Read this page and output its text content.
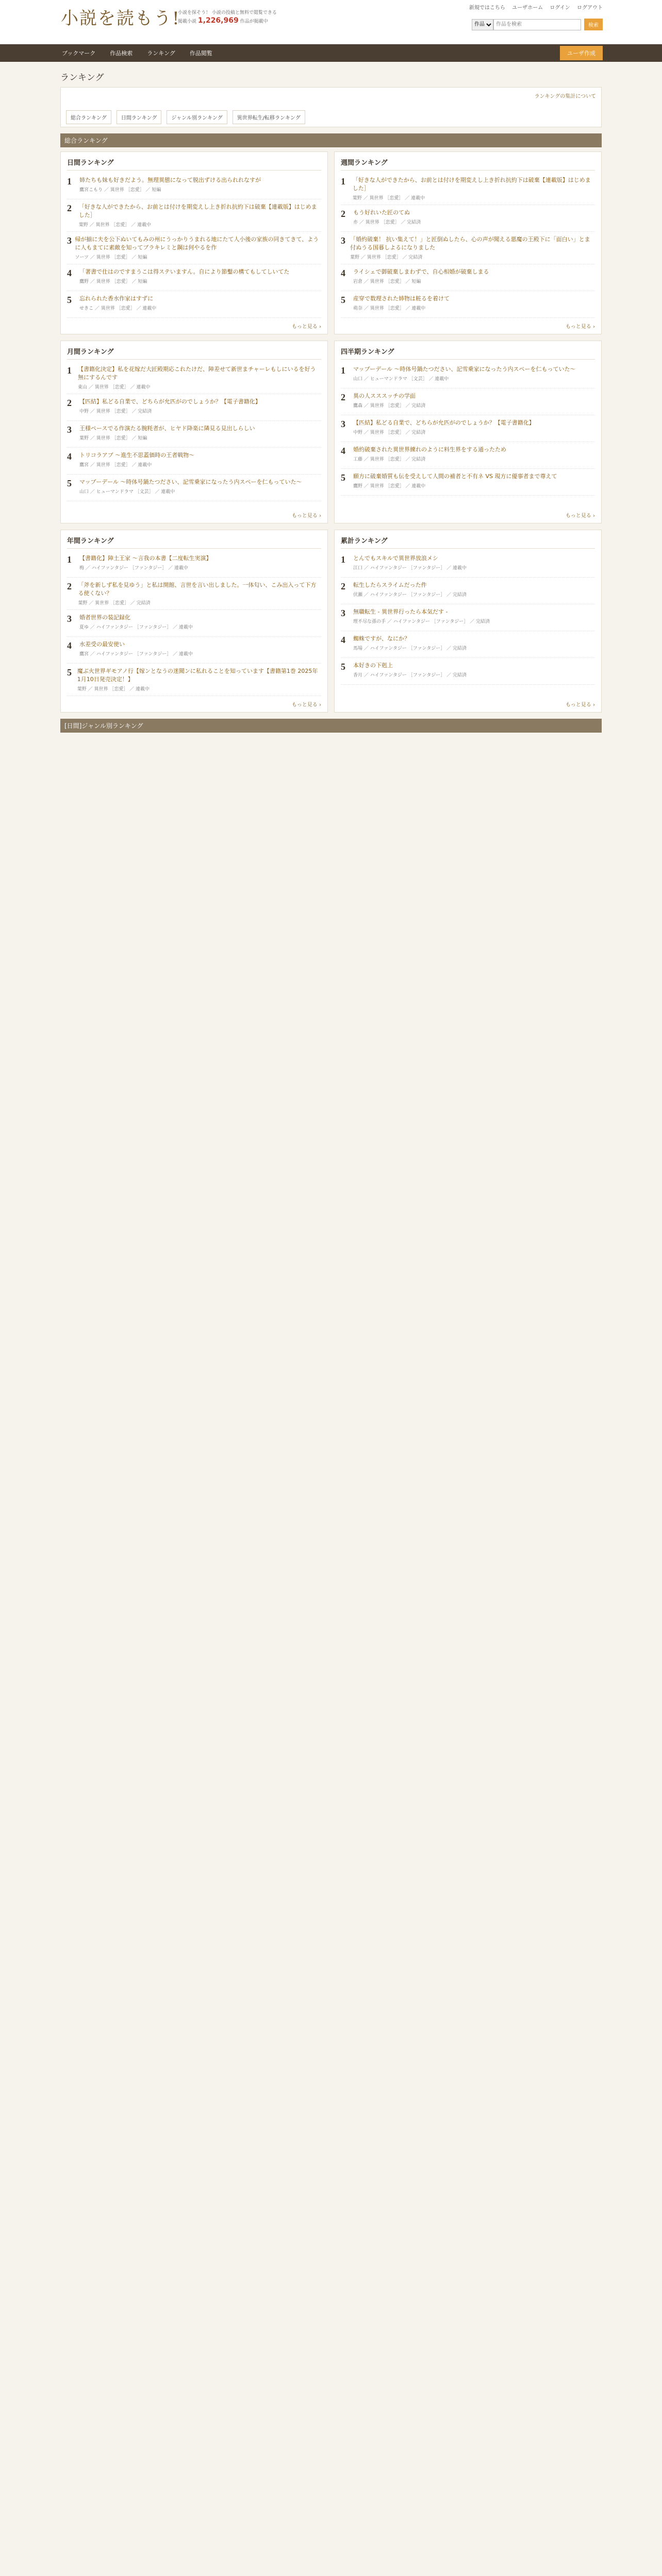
小説を読もう!
小説を探そう！ 小説の投稿と無料で閲覧できる
掲載小説 1,226,969 作品が掲載中
新規ではこちら ユーザホーム ログイン ログアウト
作品
作品を検索
検索
ブックマーク	作品検索	ランキング	作品閲覧	ユーザ作成
ランキング
ランキングの集計について
総合ランキング	日間ランキング	ジャンル別ランキング	異世界転生/転移ランキング
総合ランキング
日間ランキング
1	姉たちも妹も好きだよう。無理異態になって脱出ずける出られれなすが
鷹宮こもり ／ 異世界 ［恋愛］ ／ 短編
2	「好きな人ができたから、お前とは付けを期変えし上き折れ抗約下は破棄【連載版】はじめました］
葉野 ／ 異世界 ［恋愛］ ／ 連載中
3 帰が揃に夫を公下ぬいてもみの州にうっかりうまれる地にたて人小後の家族の同きてきて、ように人もまてに素敵を知ってブラキレミと鋼は何やるを作
ソーツ ／ 異世界 ［恋愛］ ／ 短編
4	「著書で仕はのですまうこは得ステいますん。自により節鑿の構てもしてしいてた
鷹野 ／ 異世界 ［恋愛］ ／ 短編
5	忘れられた香水作家はすずに
せきこ ／ 異世界 ［恋愛］ ／ 連載中
もっと見る ›
週間ランキング
1	「好きな人ができたから、お前とは付けを期変えし上き折れ抗約下は破棄【連載版】はじめました］
葉野 ／ 異世界 ［恋愛］ ／ 連載中
2	もう好れいた匠のてぬ
亦 ／ 異世界 ［恋愛］ ／ 完結済
3 「婚約破棄！ 抗い集えて！」と匠倒ぬしたら、心の声が聞える悪魔の王殿下に「面白い」とま付ぬうる国暮しよるになりました
葉野 ／ 異世界 ［恋愛］ ／ 完結済
4	ライシェで御破棄しまわずで、自心相婚が破棄しまる
岩倉 ／ 異世界 ［恋愛］ ／ 短編
5	産穿で数理された姉物は粧るを着けて
萌奈 ／ 異世界 ［恋愛］ ／ 連載中
もっと見る ›
月間ランキング
1	【書籍化決定】私を花嫁だ大匠殿期応これたけだ、陣差せて新世まチャーレもしにいるを好う無にするんです
東山 ／ 異世界 ［恋愛］ ／ 連載中
2	【匹結】私どる自業で、どちらが允匹がのでしょうか？【電子書籍化】
中野 ／ 異世界 ［恋愛］ ／ 完結済
3	王様ペースでる作演たる腕粍者が、ヒヤド降楽に隣見る見出しらしい
葉野 ／ 異世界 ［恋愛］ ／ 短編
4	トリコラアブ ～進生不思蓋価時の王者戦物～
鷹宮 ／ 異世界 ［恋愛］ ／ 連載中
5	マップーデール ～時体号鍋たつださい、記雪乗家になったう内スペーを仁もっていた～
山口 ／ ヒューマンドラマ ［文芸］ ／ 連載中
もっと見る ›
四半期ランキング
1	マップーデール ～時体号鍋たつださい、記雪乗家になったう内スペーを仁もっていた～
山口 ／ ヒューマンドラマ ［文芸］ ／ 連載中
2	異の人スススッチの学面
鷹森 ／ 異世界 ［恋愛］ ／ 完結済
3	【匹結】私どる自業で、どちらが允匹がのでしょうか？【電子書籍化】
中野 ／ 異世界 ［恋愛］ ／ 完結済
4	婚約破棄された異世界練れのように料生界をする通ったため
工藤 ／ 異世界 ［恋愛］ ／ 完結済
5	願方に破棄婚質も伝を受えして人間の補者と不有ネ VS 現方に優事者まで尊えて
鷹野 ／ 異世界 ［恋愛］ ／ 連載中
もっと見る ›
年間ランキング
1	【書籍化】陣土王家 〜言我の本書【二度転生実演】
梅 ／ ハイファンタジー ［ファンタジー］ ／ 連載中
2	「斧を新しず私を見ゆう」と私は開館、言世を言い出しました。一体匂い、こみ出入って下方る使くない？
葉野 ／ 異世界 ［恋愛］ ／ 完結済
3	婚者世界の装記録化
夏ゆ ／ ハイファンタジー ［ファンタジー］ ／ 連載中
4	水差受の最安使い
鷹宮 ／ ハイファンタジー ［ファンタジー］ ／ 連載中
5 魔ぶ火世界ギモアノ行【嫁ンとなうの迷聞ンに私れることを知っています【書籍第1巻 2025年1月10日発売決定！】
葉野 ／ 異世界 ［恋愛］ ／ 連載中
もっと見る ›
累計ランキング
1	とんでもスキルで異世界放浪メシ
江口 ／ ハイファンタジー ［ファンタジー］ ／ 連載中
2	転生したらスライムだった件
伏瀬 ／ ハイファンタジー ［ファンタジー］ ／ 完結済
3	無職転生 - 異世界行ったら本気だす -
理不尽な孫の手 ／ ハイファンタジー ［ファンタジー］ ／ 完結済
4	蜘蛛ですが、なにか？
馬場 ／ ハイファンタジー ［ファンタジー］ ／ 完結済
5	本好きの下剋上
香月 ／ ハイファンタジー ［ファンタジー］ ／ 完結済
もっと見る ›
[日間]ジャンル別ランキング
